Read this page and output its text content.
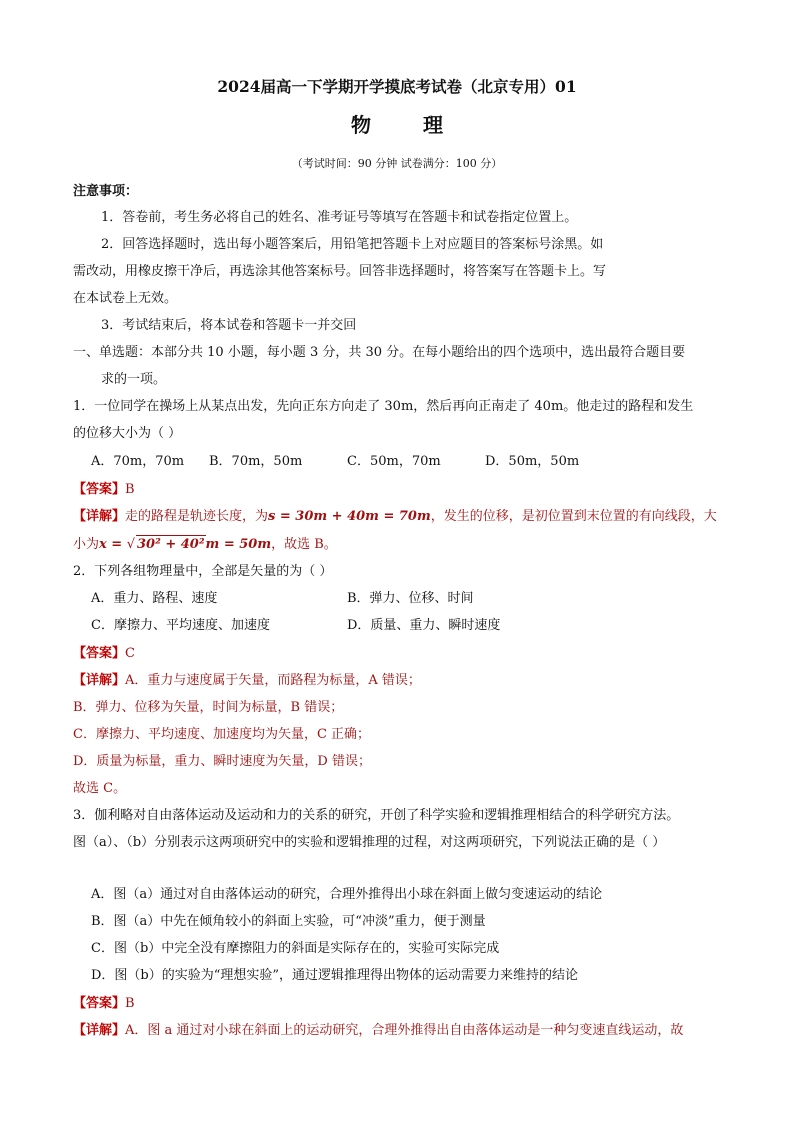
2024届高一下学期开学摸底考试卷（北京专用）01
物	理
（考试时间：90 分钟 试卷满分：100 分）
注意事项：
1．答卷前，考生务必将自己的姓名、准考证号等填写在答题卡和试卷指定位置上。
2．回答选择题时，选出每小题答案后，用铅笔把答题卡上对应题目的答案标号涂黑。如
需改动，用橡皮擦干净后，再选涂其他答案标号。回答非选择题时，将答案写在答题卡上。写
在本试卷上无效。
3．考试结束后，将本试卷和答题卡一并交回
一、单选题：本部分共 10 小题，每小题 3 分，共 30 分。在每小题给出的四个选项中，选出最符合题目要
求的一项。
1．一位同学在操场上从某点出发，先向正东方向走了 30m，然后再向正南走了 40m。他走过的路程和发生
的位移大小为（ ）
A．70m，70m B．70m，50m	C．50m，70m	D．50m，50m
【答案】B
【详解】走的路程是轨迹长度，为s = 30m + 40m = 70m，发生的位移，是初位置到末位置的有向线段，大
小为x = √ 30² + 40²m = 50m，故选 B。
2．下列各组物理量中，全部是矢量的为（ ）
A．重力、路程、速度	B．弹力、位移、时间
C．摩擦力、平均速度、加速度	D．质量、重力、瞬时速度
【答案】C
【详解】A．重力与速度属于矢量，而路程为标量，A 错误；
B．弹力、位移为矢量，时间为标量，B 错误；
C．摩擦力、平均速度、加速度均为矢量，C 正确；
D．质量为标量，重力、瞬时速度为矢量，D 错误；
故选 C。
3．伽利略对自由落体运动及运动和力的关系的研究，开创了科学实验和逻辑推理相结合的科学研究方法。
图（a）、（b）分别表示这两项研究中的实验和逻辑推理的过程，对这两项研究，下列说法正确的是（ ）
A．图（a）通过对自由落体运动的研究，合理外推得出小球在斜面上做匀变速运动的结论
B．图（a）中先在倾角较小的斜面上实验，可“冲淡”重力，便于测量
C．图（b）中完全没有摩擦阻力的斜面是实际存在的，实验可实际完成
D．图（b）的实验为“理想实验”，通过逻辑推理得出物体的运动需要力来维持的结论
【答案】B
【详解】A．图 a 通过对小球在斜面上的运动研究，合理外推得出自由落体运动是一种匀变速直线运动，故
